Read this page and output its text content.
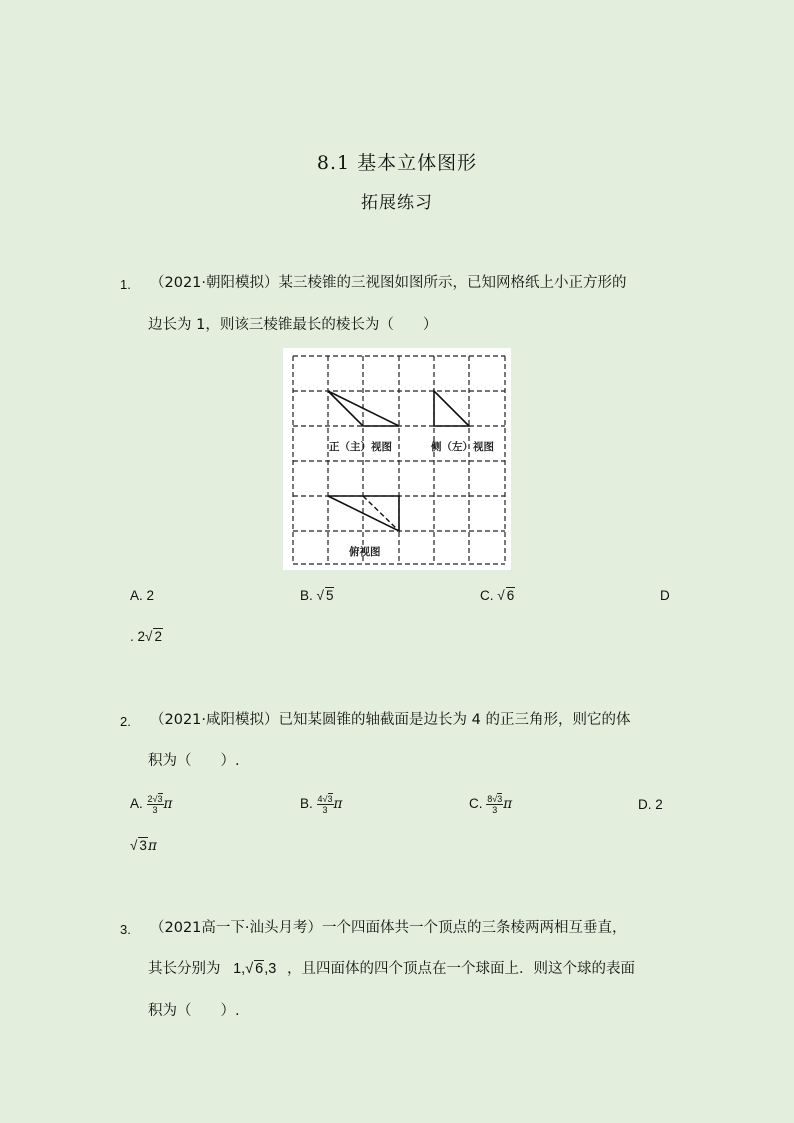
8.1 基本立体图形
拓展练习
1. （2021·朝阳模拟）某三棱锥的三视图如图所示，已知网格纸上小正方形的
边长为 1，则该三棱锥最长的棱长为（　　）
正（主）视图	侧（左）视图
俯视图
A. 2	B. √ 5	C. √ 6	D
. 2√ 2
2. （2021·咸阳模拟）已知某圆锥的轴截面是边长为 4 的正三角形，则它的体
积为（　　）.
A. $\frac{2√3}{3}$ π	B. $\frac{4√3}{3}$ π	C. $\frac{8√3}{3}$ π	D. 2
√ 3π
3. （2021高一下·汕头月考）一个四面体共一个顶点的三条棱两两相互垂直，
其长分别为 1,√ 6,3 ，且四面体的四个顶点在一个球面上．则这个球的表面
积为（　　）.
